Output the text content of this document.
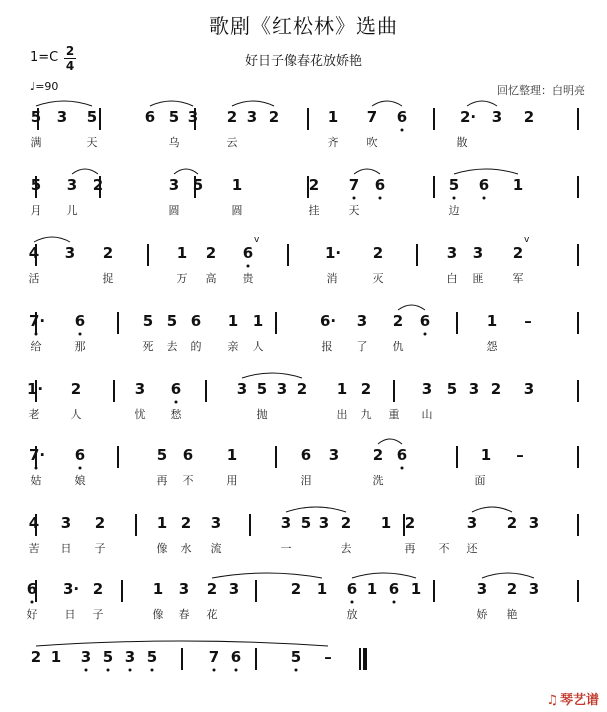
歌剧《红松林》选曲
好日子像春花放娇艳
1=C 2
4
♩=90	回忆整理：白明亮
v	v
5 3 5	6 5 3 2 3 2	1 7 6	2· 3 2
满	天	乌	云	齐	吹	散
5 3 2	3 5 1	2 7 6	5 6 1
月 儿	圆	圆	挂	天	边
4 3 2	1 2 6	1· 2	3 3 2
活	捉	万 高 贵	消	灭	白 匪	军
7· 6	5 5 6 1 1	6· 3 2 6	1 –
给	那	死 去 的 亲 人	报 了 仇	怨
1· 2	3 6	3 5 3 2 1 2	3 5 3 2 3
老	人	忧 愁	抛	出 九 重 山
7· 6	5 6 1	6 3 2 6	1 –
姑	娘	再 不	用	泪	洗	面
4 3 2	1 2 3	3 5 3 2 1 2	3 2 3
苦 日 子	像 水 流	一	去	再 不 还
6 3· 2	1 3 2 3	2 1 6 1 6 1	3 2 3
好 日 子	像 春 花	放	娇 艳
2 1 3 5 3 5	7 6	5 –
♫ 琴艺谱
